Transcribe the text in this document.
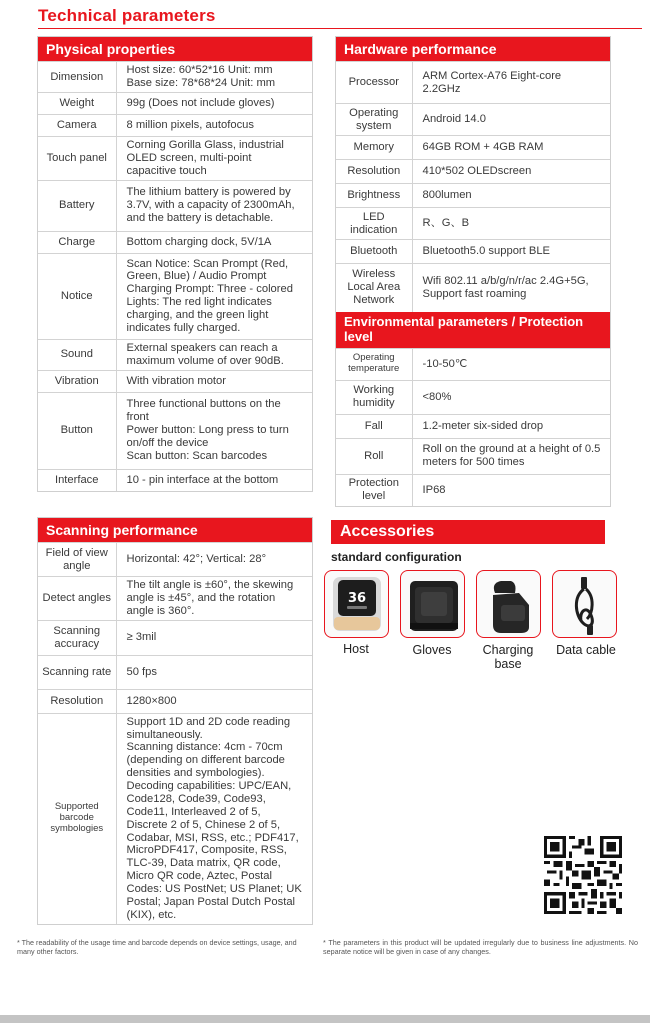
Technical parameters
Physical properties
Dimension	Host size: 60*52*16 Unit: mm
Base size: 78*68*24 Unit: mm
Weight	99g (Does not include gloves)
Camera	8 million pixels, autofocus
Touch panel	Corning Gorilla Glass, industrial OLED screen, multi-point capacitive touch
Battery	The lithium battery is powered by 3.7V, with a capacity of 2300mAh, and the battery is detachable.
Charge	Bottom charging dock, 5V/1A
Notice	Scan Notice: Scan Prompt (Red, Green, Blue) / Audio Prompt Charging Prompt: Three - colored Lights: The red light indicates charging, and the green light indicates fully charged.
Sound	External speakers can reach a maximum volume of over 90dB.
Vibration	With vibration motor
Button	Three functional buttons on the front
Power button: Long press to turn on/off the device
Scan button: Scan barcodes
Interface	10 - pin interface at the bottom
Hardware performance
Processor	ARM Cortex-A76 Eight-core 2.2GHz
Operating system	Android 14.0
Memory	64GB ROM + 4GB RAM
Resolution	410*502 OLEDscreen
Brightness	800lumen
LED indication	R、G、B
Bluetooth	Bluetooth5.0 support BLE
Wireless Local Area Network	Wifi 802.11 a/b/g/n/r/ac 2.4G+5G, Support fast roaming
Environmental parameters / Protection level
Operating temperature	-10-50℃
Working humidity	<80%
Fall	1.2-meter six-sided drop
Roll	Roll on the ground at a height of 0.5 meters for 500 times
Protection level	IP68
Scanning performance
Field of view angle	Horizontal: 42°; Vertical: 28°
Detect angles	The tilt angle is ±60°, the skewing angle is ±45°, and the rotation angle is 360°.
Scanning accuracy	≥ 3mil
Scanning rate	50 fps
Resolution	1280×800
Supported barcode symbologies	Support 1D and 2D code reading simultaneously.
Scanning distance: 4cm - 70cm (depending on different barcode densities and symbologies).
Decoding capabilities: UPC/EAN, Code128, Code39, Code93, Code11, Interleaved 2 of 5, Discrete 2 of 5, Chinese 2 of 5, Codabar, MSI, RSS, etc.; PDF417, MicroPDF417, Composite, RSS, TLC-39, Data matrix, QR code, Micro QR code, Aztec, Postal Codes: US PostNet; US Planet; UK Postal; Japan Postal Dutch Postal (KIX), etc.
* The readability of the usage time and barcode depends on device settings, usage, and many other factors.
* The parameters in this product will be updated irregularly due to business line adjustments. No separate notice will be given in case of any changes.
Accessories
standard configuration
36
Host	Gloves	Charging base
Data cable
